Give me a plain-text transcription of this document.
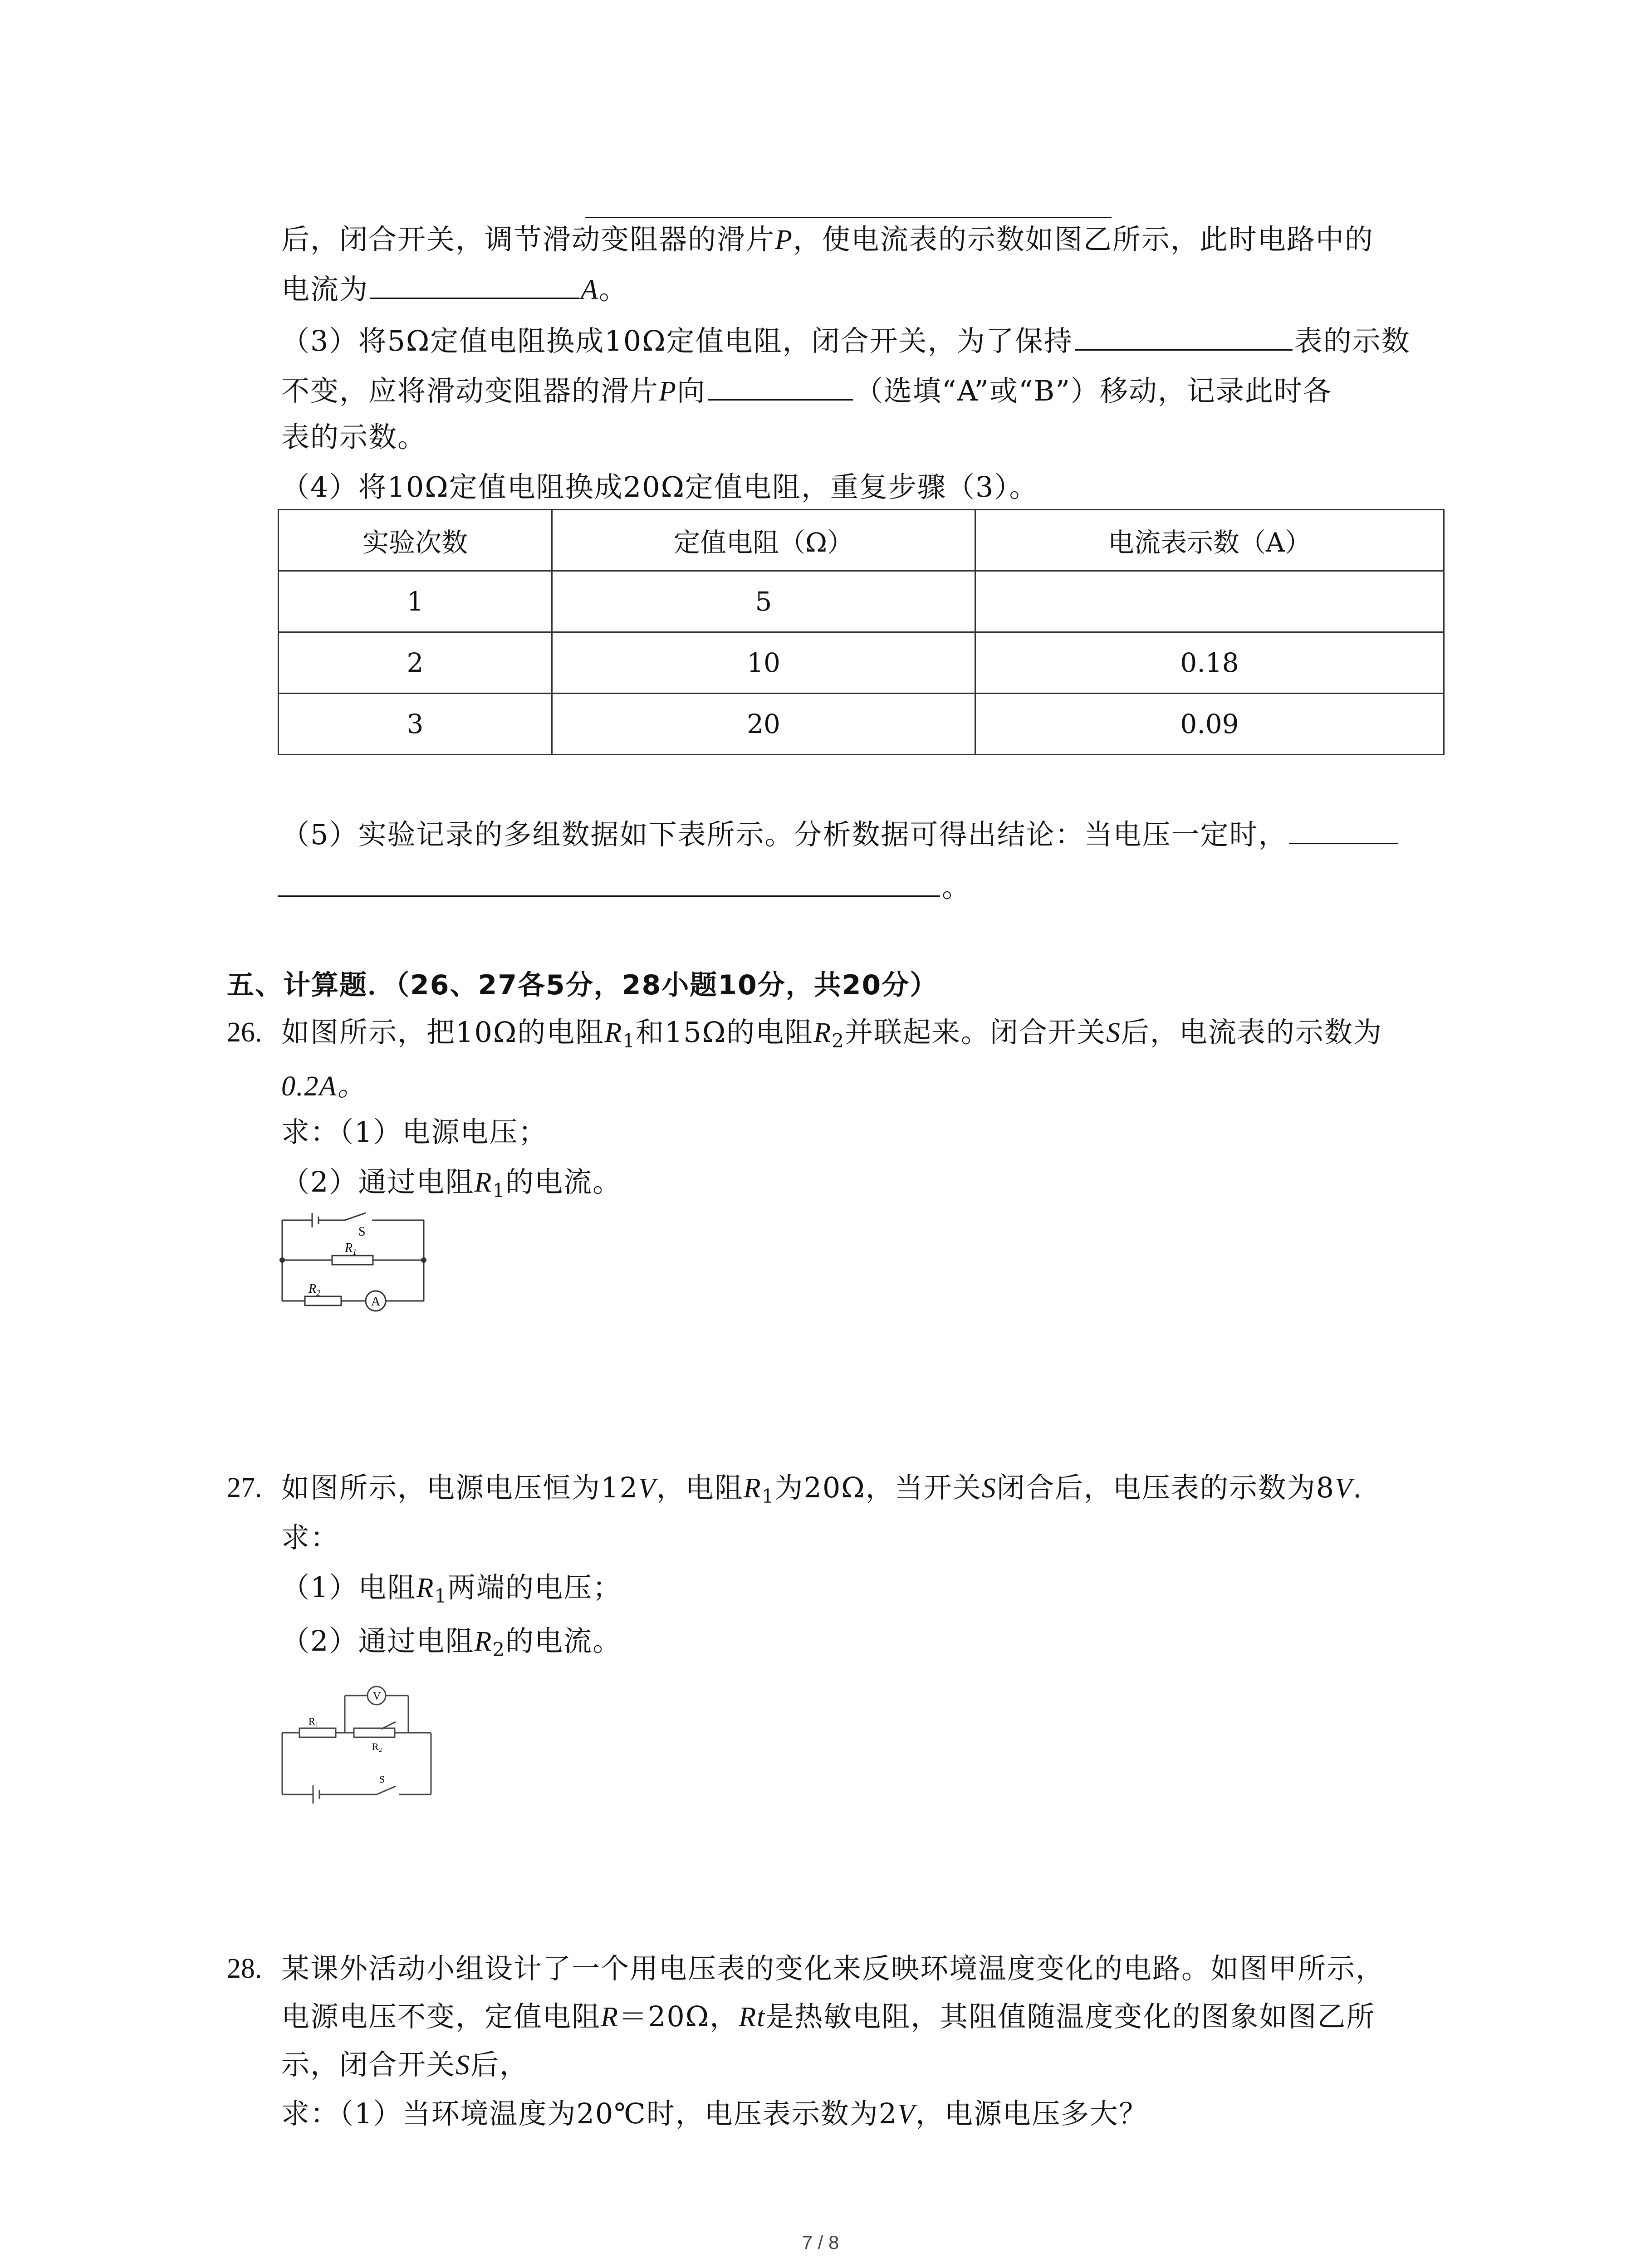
后，闭合开关，调节滑动变阻器的滑片P，使电流表的示数如图乙所示，此时电路中的
电流为	A。
（3）将5Ω定值电阻换成10Ω定值电阻，闭合开关，为了保持	表的示数
不变，应将滑动变阻器的滑片P向	（选填“A”或“B”）移动，记录此时各
表的示数。
（4）将10Ω定值电阻换成20Ω定值电阻，重复步骤（3）。
实验次数	定值电阻（Ω）	电流表示数（A）
1	5	
2	10	0.18
3	20	0.09
（5）实验记录的多组数据如下表所示。分析数据可得出结论：当电压一定时，
。
五、计算题．（26、27各5分，28小题10分，共20分）
26. 如图所示，把10Ω的电阻$R_1$和15Ω的电阻$R_2$并联起来。闭合开关S后，电流表的示数为
0.2A。
求：（1）电源电压；
（2）通过电阻$R_1$的电流。
S
$R_1$
$R_2$
A
27. 如图所示，电源电压恒为12V，电阻$R_1$为20Ω，当开关S闭合后，电压表的示数为8V.
求：
（1）电阻$R_1$两端的电压；
（2）通过电阻$R_2$的电流。
V
R1
R2
S
28. 某课外活动小组设计了一个用电压表的变化来反映环境温度变化的电路。如图甲所示，
电源电压不变，定值电阻R＝20Ω，Rt是热敏电阻，其阻值随温度变化的图象如图乙所
示，闭合开关S后，
求：（1）当环境温度为20℃时，电压表示数为2V，电源电压多大？
7 / 8
